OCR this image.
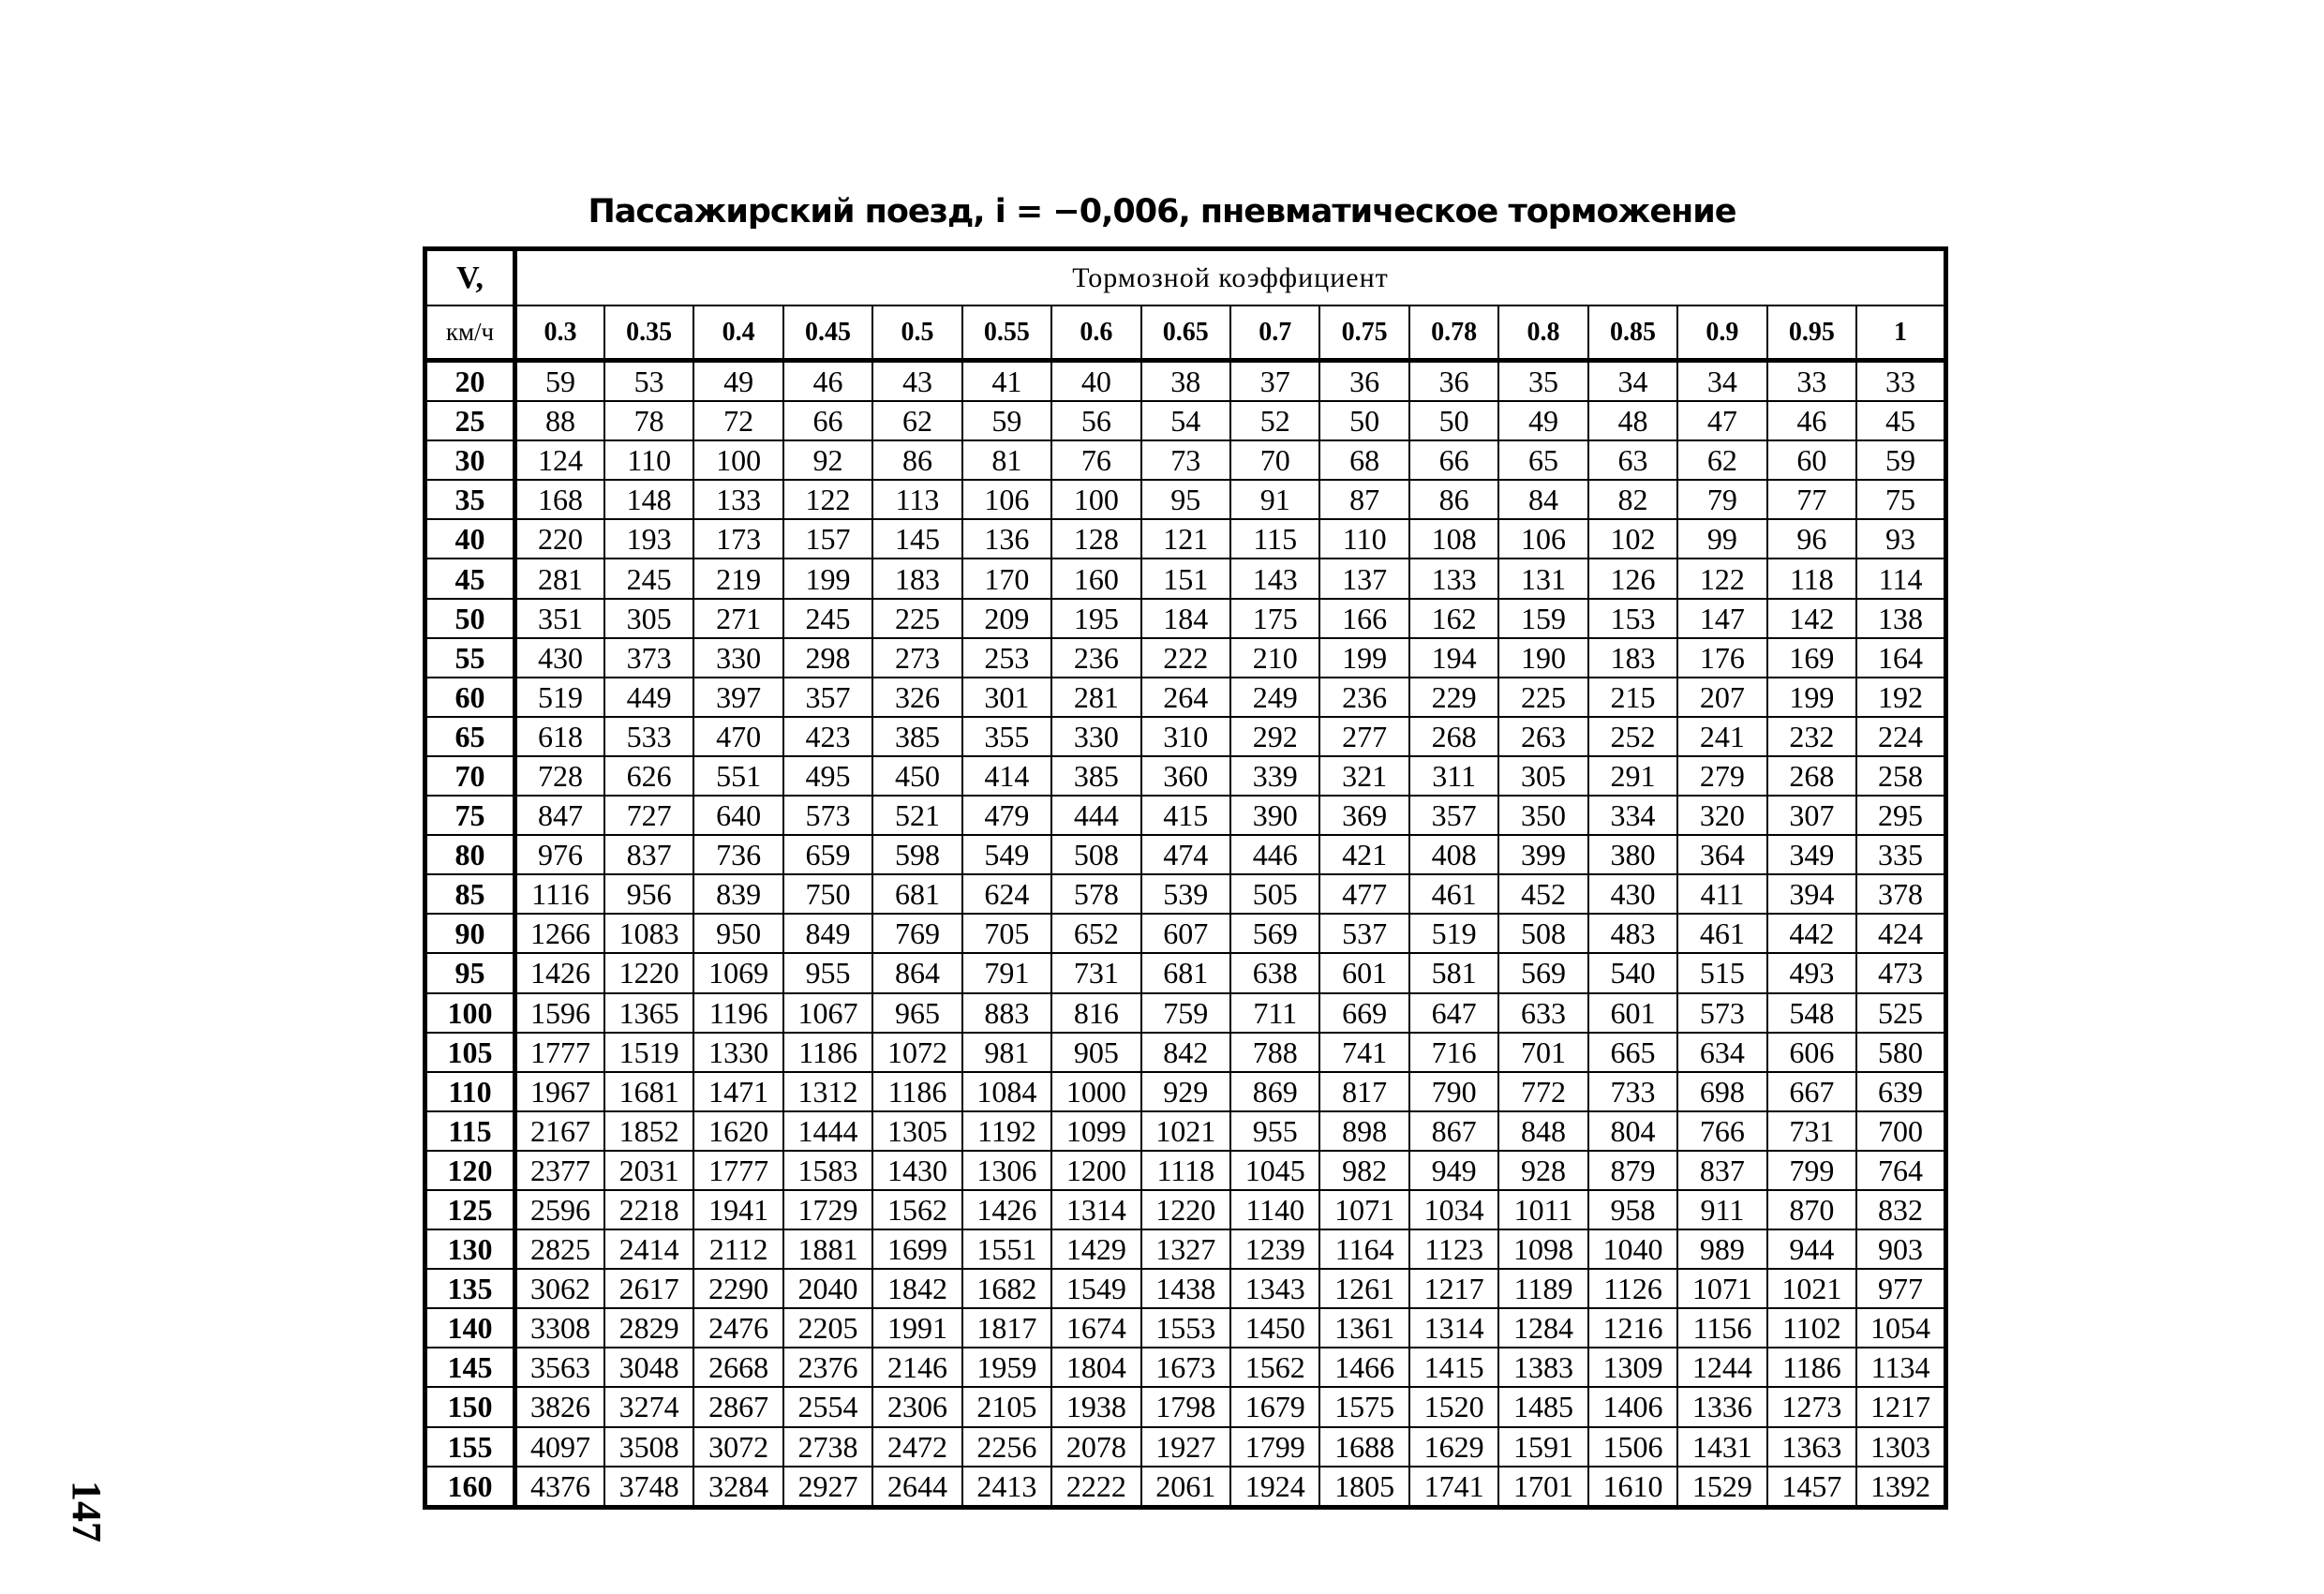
Пассажирский поезд, i = −0,006, пневматическое торможение
V,	Тормозной коэффициент															
км/ч	0.3	0.35	0.4	0.45	0.5	0.55	0.6	0.65	0.7	0.75	0.78	0.8	0.85	0.9	0.95	1
20	59	53	49	46	43	41	40	38	37	36	36	35	34	34	33	33
25	88	78	72	66	62	59	56	54	52	50	50	49	48	47	46	45
30	124	110	100	92	86	81	76	73	70	68	66	65	63	62	60	59
35	168	148	133	122	113	106	100	95	91	87	86	84	82	79	77	75
40	220	193	173	157	145	136	128	121	115	110	108	106	102	99	96	93
45	281	245	219	199	183	170	160	151	143	137	133	131	126	122	118	114
50	351	305	271	245	225	209	195	184	175	166	162	159	153	147	142	138
55	430	373	330	298	273	253	236	222	210	199	194	190	183	176	169	164
60	519	449	397	357	326	301	281	264	249	236	229	225	215	207	199	192
65	618	533	470	423	385	355	330	310	292	277	268	263	252	241	232	224
70	728	626	551	495	450	414	385	360	339	321	311	305	291	279	268	258
75	847	727	640	573	521	479	444	415	390	369	357	350	334	320	307	295
80	976	837	736	659	598	549	508	474	446	421	408	399	380	364	349	335
85	1116	956	839	750	681	624	578	539	505	477	461	452	430	411	394	378
90	1266	1083	950	849	769	705	652	607	569	537	519	508	483	461	442	424
95	1426	1220	1069	955	864	791	731	681	638	601	581	569	540	515	493	473
100	1596	1365	1196	1067	965	883	816	759	711	669	647	633	601	573	548	525
105	1777	1519	1330	1186	1072	981	905	842	788	741	716	701	665	634	606	580
110	1967	1681	1471	1312	1186	1084	1000	929	869	817	790	772	733	698	667	639
115	2167	1852	1620	1444	1305	1192	1099	1021	955	898	867	848	804	766	731	700
120	2377	2031	1777	1583	1430	1306	1200	1118	1045	982	949	928	879	837	799	764
125	2596	2218	1941	1729	1562	1426	1314	1220	1140	1071	1034	1011	958	911	870	832
130	2825	2414	2112	1881	1699	1551	1429	1327	1239	1164	1123	1098	1040	989	944	903
135	3062	2617	2290	2040	1842	1682	1549	1438	1343	1261	1217	1189	1126	1071	1021	977
140	3308	2829	2476	2205	1991	1817	1674	1553	1450	1361	1314	1284	1216	1156	1102	1054
145	3563	3048	2668	2376	2146	1959	1804	1673	1562	1466	1415	1383	1309	1244	1186	1134
150	3826	3274	2867	2554	2306	2105	1938	1798	1679	1575	1520	1485	1406	1336	1273	1217
155	4097	3508	3072	2738	2472	2256	2078	1927	1799	1688	1629	1591	1506	1431	1363	1303
160	4376	3748	3284	2927	2644	2413	2222	2061	1924	1805	1741	1701	1610	1529	1457	1392
147
